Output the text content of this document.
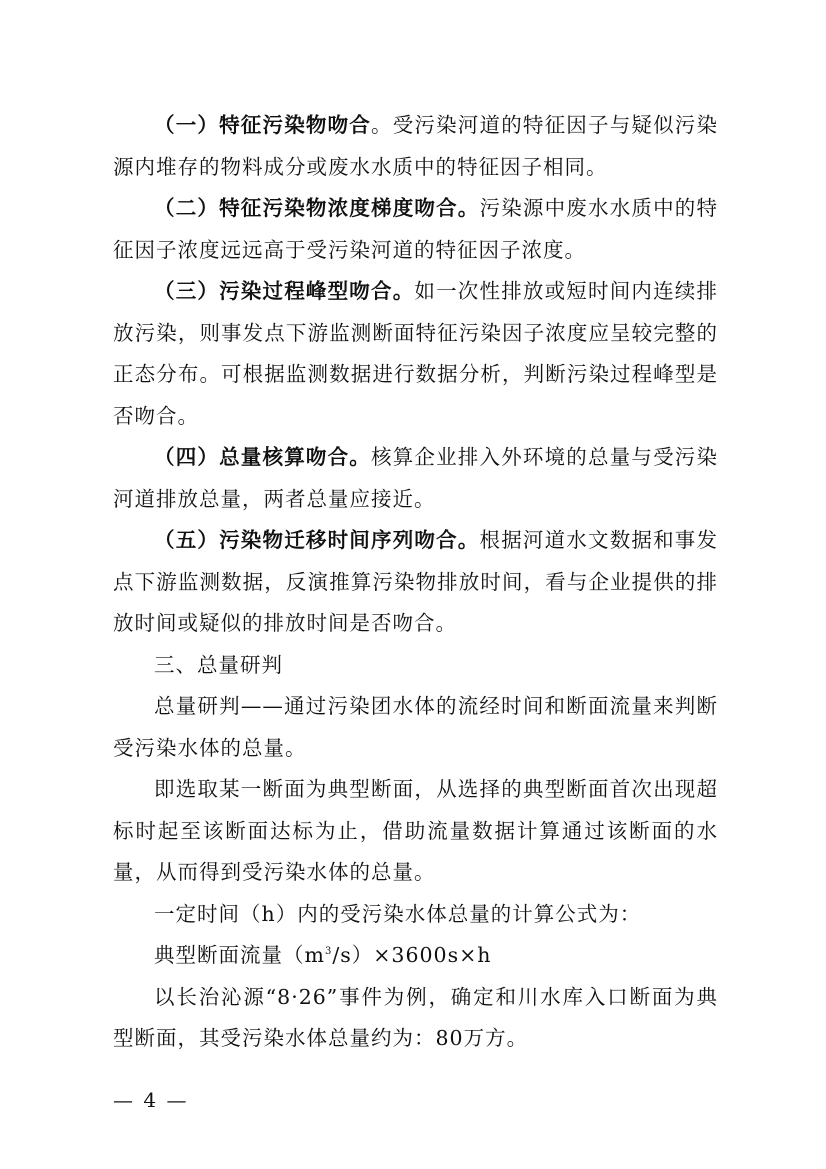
（一）特征污染物吻合。受污染河道的特征因子与疑似污染源内堆存的物料成分或废水水质中的特征因子相同。

（二）特征污染物浓度梯度吻合。污染源中废水水质中的特征因子浓度远远高于受污染河道的特征因子浓度。

（三）污染过程峰型吻合。如一次性排放或短时间内连续排放污染，则事发点下游监测断面特征污染因子浓度应呈较完整的正态分布。可根据监测数据进行数据分析，判断污染过程峰型是否吻合。

（四）总量核算吻合。核算企业排入外环境的总量与受污染河道排放总量，两者总量应接近。

（五）污染物迁移时间序列吻合。根据河道水文数据和事发点下游监测数据，反演推算污染物排放时间，看与企业提供的排放时间或疑似的排放时间是否吻合。

三、总量研判

总量研判——通过污染团水体的流经时间和断面流量来判断受污染水体的总量。

即选取某一断面为典型断面，从选择的典型断面首次出现超标时起至该断面达标为止，借助流量数据计算通过该断面的水量，从而得到受污染水体的总量。

一定时间（h）内的受污染水体总量的计算公式为：

典型断面流量$(m^3/s)\times 3600s\times h$

以长治沁源“8·26”事件为例，确定和川水库入口断面为典型断面，其受污染水体总量约为：80万方。

— 4 —
